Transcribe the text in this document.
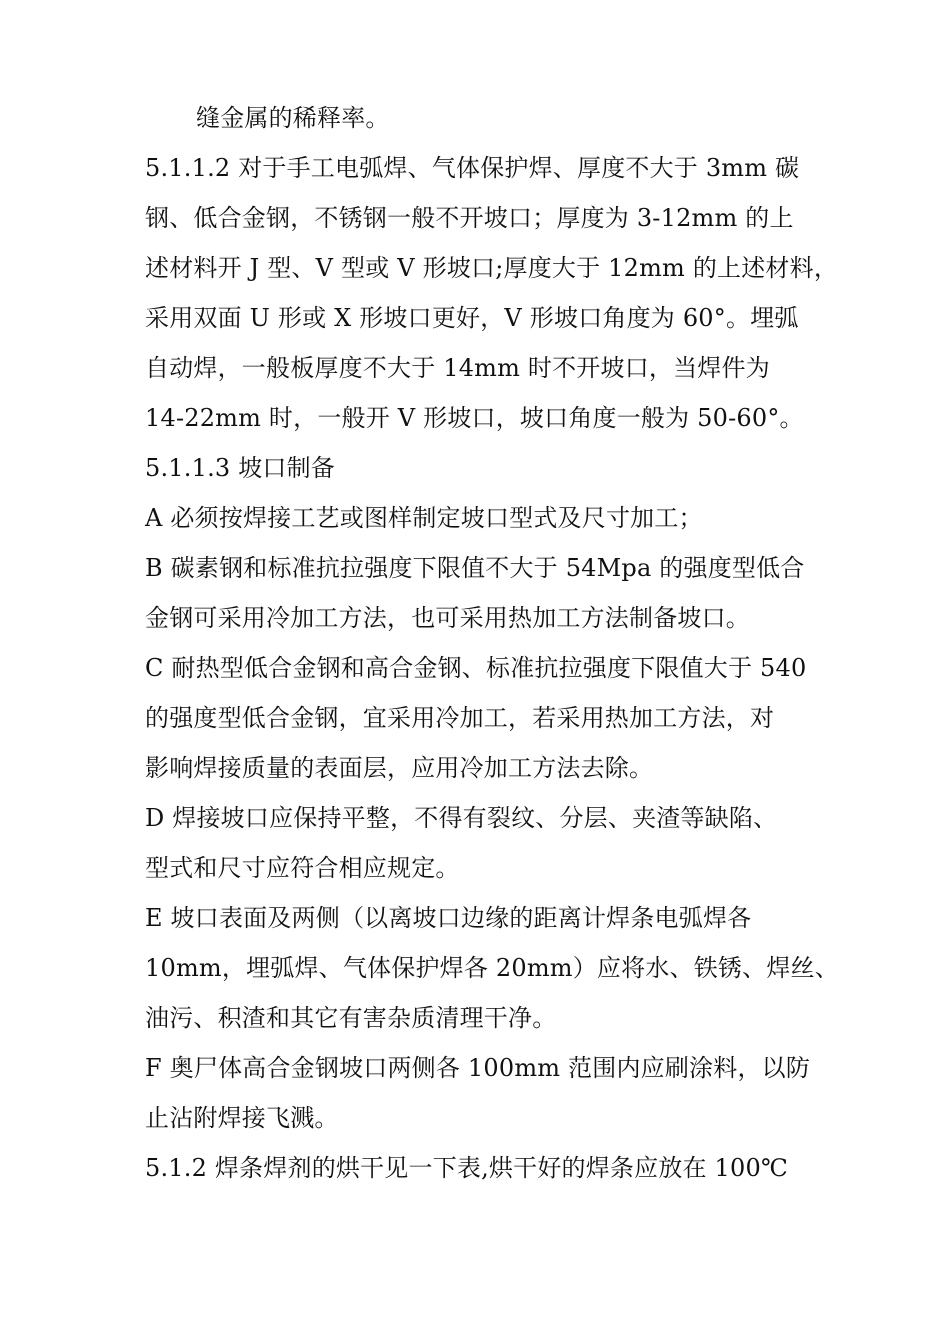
缝金属的稀释率。
5.1.1.2 对于手工电弧焊、气体保护焊、厚度不大于 3mm 碳
钢、低合金钢，不锈钢一般不开坡口；厚度为 3-12mm 的上
述材料开 J 型、V 型或 V 形坡口;厚度大于 12mm 的上述材料，
采用双面 U 形或 X 形坡口更好，V 形坡口角度为 60°。埋弧
自动焊，一般板厚度不大于 14mm 时不开坡口，当焊件为
14-22mm 时，一般开 V 形坡口，坡口角度一般为 50-60°。
5.1.1.3 坡口制备
A 必须按焊接工艺或图样制定坡口型式及尺寸加工；
B 碳素钢和标准抗拉强度下限值不大于 54Mpa 的强度型低合
金钢可采用冷加工方法，也可采用热加工方法制备坡口。
C 耐热型低合金钢和高合金钢、标准抗拉强度下限值大于 540
的强度型低合金钢，宜采用冷加工，若采用热加工方法，对
影响焊接质量的表面层，应用冷加工方法去除。
D 焊接坡口应保持平整，不得有裂纹、分层、夹渣等缺陷、
型式和尺寸应符合相应规定。
E 坡口表面及两侧（以离坡口边缘的距离计焊条电弧焊各
10mm，埋弧焊、气体保护焊各 20mm）应将水、铁锈、焊丝、
油污、积渣和其它有害杂质清理干净。
F 奥尸体高合金钢坡口两侧各 100mm 范围内应刷涂料，以防
止沾附焊接飞溅。
5.1.2 焊条焊剂的烘干见一下表,烘干好的焊条应放在 100℃
